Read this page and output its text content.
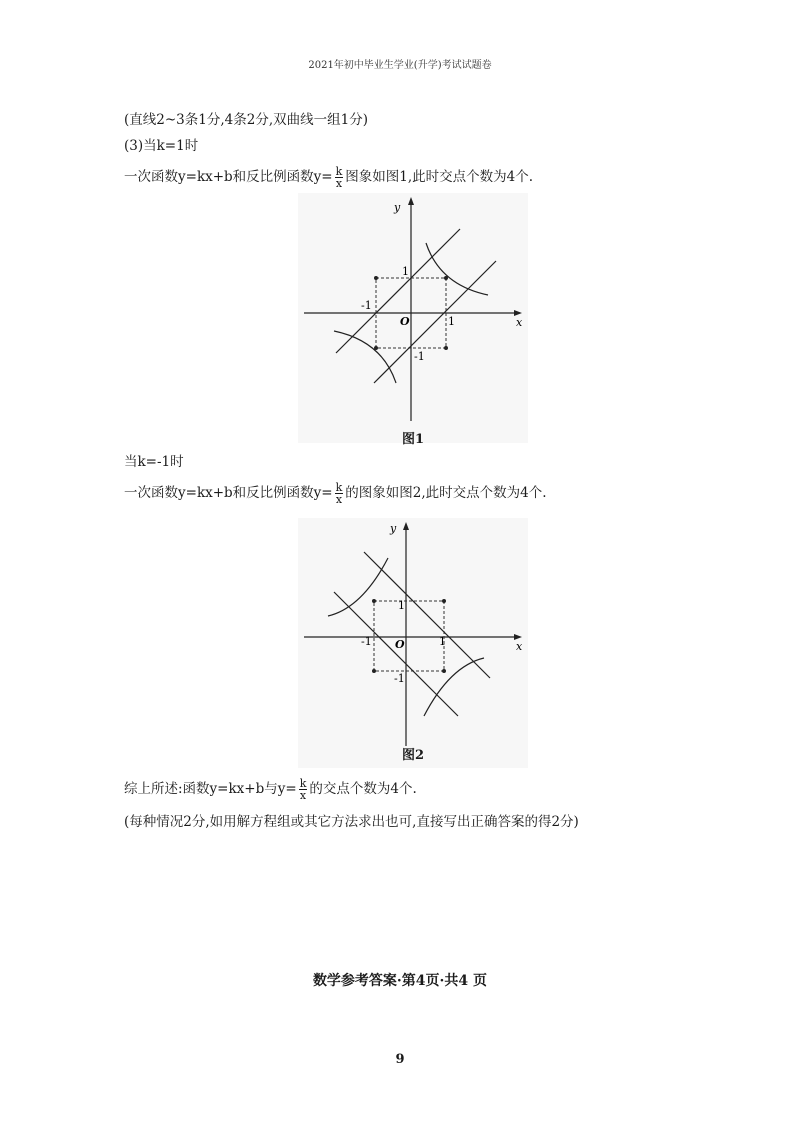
2021年初中毕业生学业(升学)考试试题卷
(直线2~3条1分,4条2分,双曲线一组1分)
(3)当k=1时
一次函数y=kx+b和反比例函数$y= \frac{k}{x}$ 图象如图1,此时交点个数为4个.
y
x
O	1
-1
1
-1
图1
当k=-1时
一次函数y=kx+b和反比例函数$y= \frac{k}{x}$ 的图象如图2,此时交点个数为4个.
y
x
O	1
-1
1
-1
图2
综上所述:函数y=kx+b与$y= \frac{k}{x}$ 的交点个数为4个.
(每种情况2分,如用解方程组或其它方法求出也可,直接写出正确答案的得2分)
数学参考答案·第4页·共4 页
9
